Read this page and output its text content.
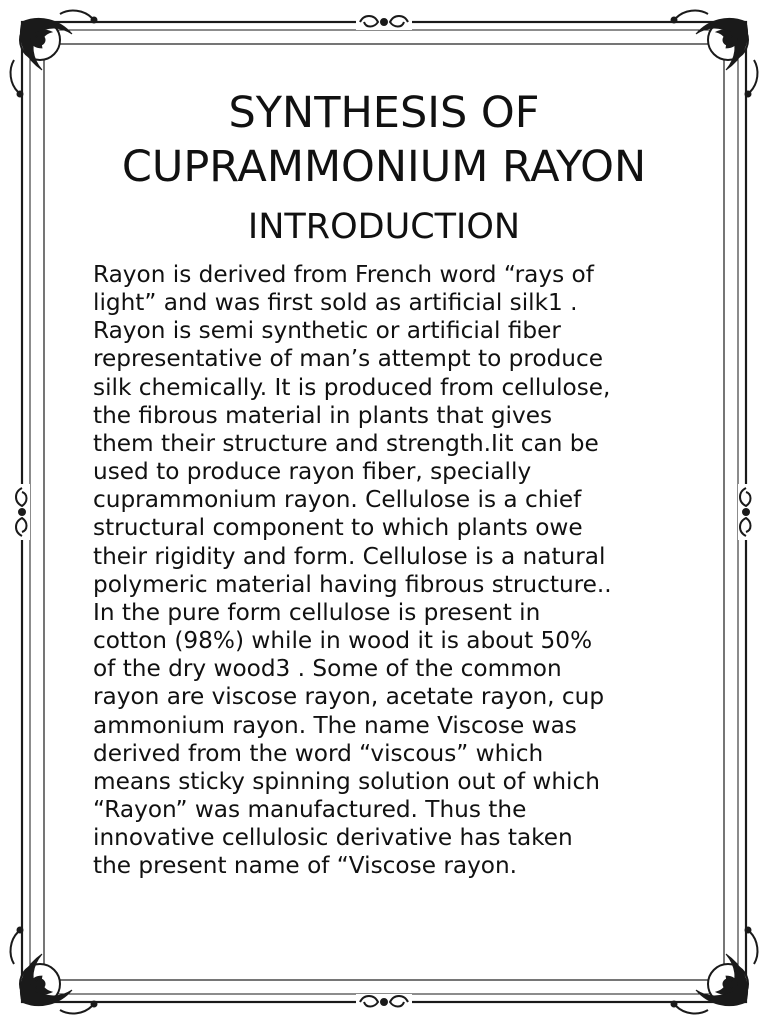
SYNTHESIS OF
CUPRAMMONIUM RAYON
INTRODUCTION
Rayon is derived from French word “rays of
light” and was first sold as artificial silk1 .
Rayon is semi synthetic or artificial fiber
representative of man’s attempt to produce
silk chemically. It is produced from cellulose,
the fibrous material in plants that gives
them their structure and strength.Iit can be
used to produce rayon fiber, specially
cuprammonium rayon. Cellulose is a chief
structural component to which plants owe
their rigidity and form. Cellulose is a natural
polymeric material having fibrous structure..
In the pure form cellulose is present in
cotton (98%) while in wood it is about 50%
of the dry wood3 . Some of the common
rayon are viscose rayon, acetate rayon, cup
ammonium rayon. The name Viscose was
derived from the word “viscous” which
means sticky spinning solution out of which
“Rayon” was manufactured. Thus the
innovative cellulosic derivative has taken
the present name of “Viscose rayon.
